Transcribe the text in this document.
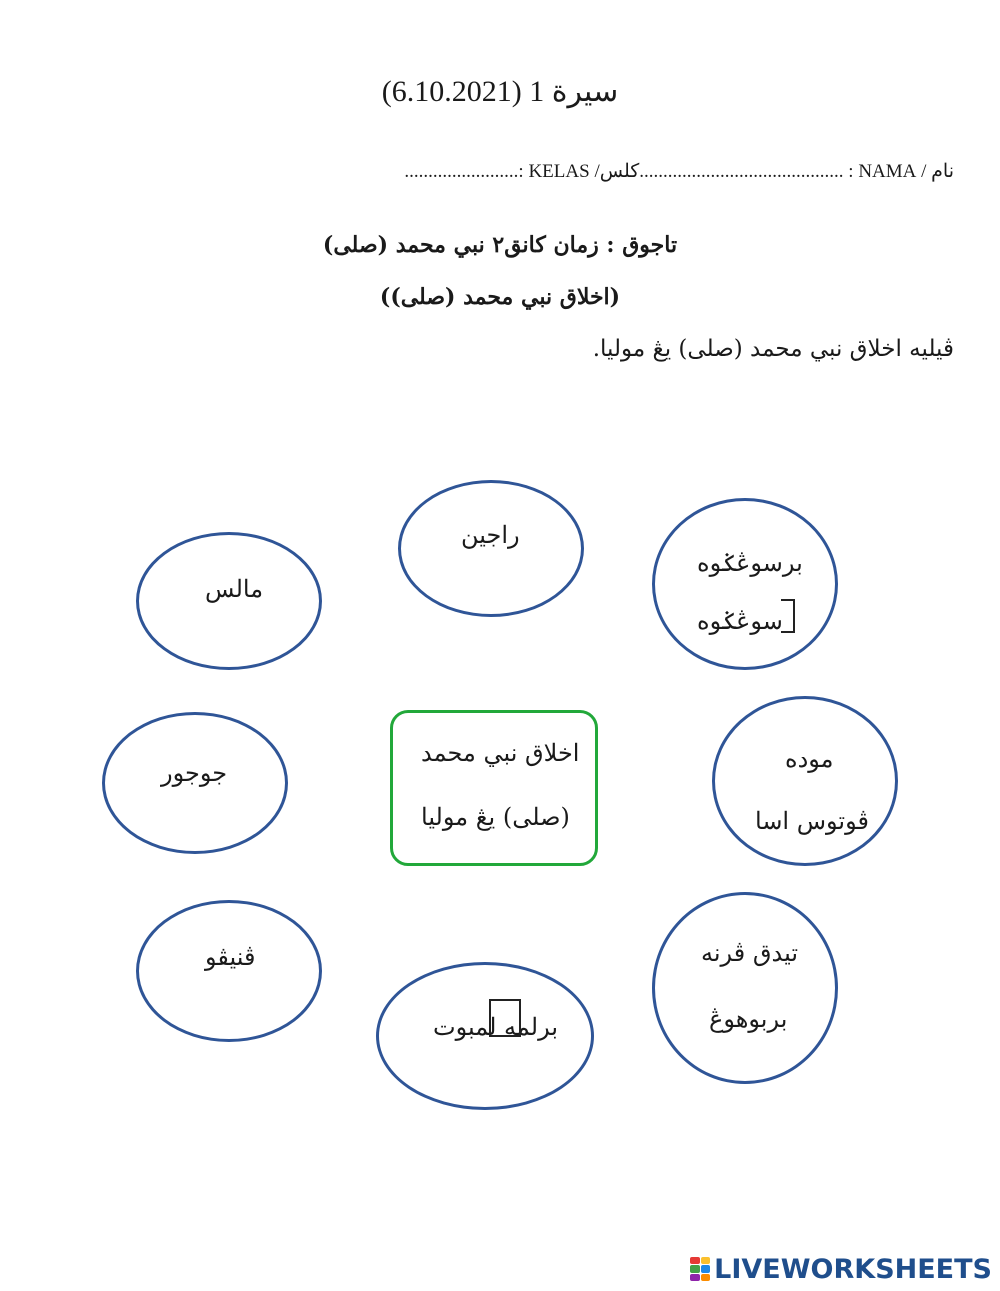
سيرة 1 (6.10.2021)
نام / NAMA : ...........................................كلس/ KELAS :........................
تاجوق : زمان كانق٢ نبي محمد (صلى)
(اخلاق نبي محمد (صلى))
ڤيليه اخلاق نبي محمد (صلى) يڠ موليا.
مالس
راجين
برسوڠݢوه
سوڠݢوه
جوجور	موده
ڤوتوس اسا
ڤنيڤو
برلمه لمبوت
تيدق ڤرنه
بربوهوڠ
اخلاق نبي محمد
(صلى) يڠ موليا
LIVEWORKSHEETS
